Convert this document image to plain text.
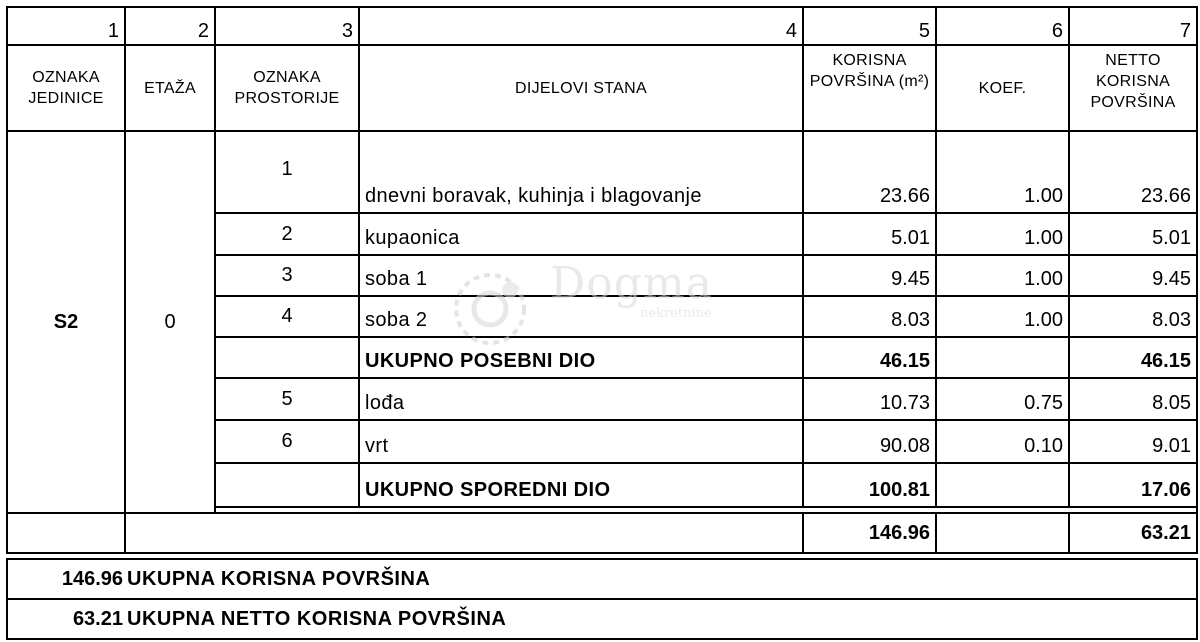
1	2	3	4	5	6	7
OZNAKA JEDINICE	ETAŽA	OZNAKA PROSTORIJE	DIJELOVI STANA	KORISNA POVRŠINA (m²)	KOEF.	NETTO KORISNA POVRŠINA

S2	0	1	dnevni boravak, kuhinja i blagovanje	23.66	1.00	23.66
		2	kupaonica	5.01	1.00	5.01
		3	soba 1	9.45	1.00	9.45
		4	soba 2	8.03	1.00	8.03
			UKUPNO POSEBNI DIO	46.15		46.15
		5	lođa	10.73	0.75	8.05
		6	vrt	90.08	0.10	9.01
			UKUPNO SPOREDNI DIO	100.81		17.06

				146.96		63.21

146.96	UKUPNA KORISNA POVRŠINA					
63.21	UKUPNA NETTO KORISNA POVRŠINA					
Dogma
nekretnine
